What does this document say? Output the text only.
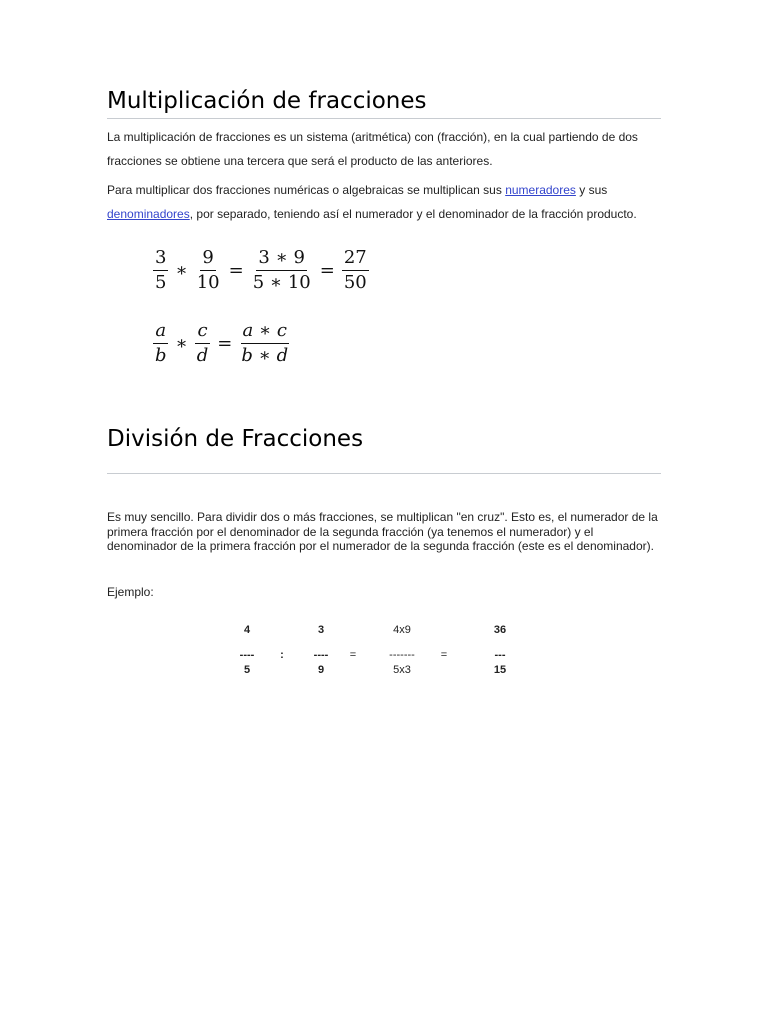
Multiplicación de fracciones
La multiplicación de fracciones es un sistema (aritmética) con (fracción), en la cual partiendo de dos fracciones se obtiene una tercera que será el producto de las anteriores.
Para multiplicar dos fracciones numéricas o algebraicas se multiplican sus numeradores y sus denominadores, por separado, teniendo así el numerador y el denominador de la fracción producto.
$\frac{3}{5}$ ∗ $\frac{9}{10} = \frac{3 ∗ 9}{5 ∗ 10} = \frac{27}{50}$
$\frac{a}{b}$ ∗ $\frac{c}{d} = \frac{a ∗ c}{b ∗ d}$
División de Fracciones
Es muy sencillo. Para dividir dos o más fracciones, se multiplican "en cruz". Esto es, el numerador de la primera fracción por el denominador de la segunda fracción (ya tenemos el numerador) y el denominador de la primera fracción por el numerador de la segunda fracción (este es el denominador).
Ejemplo:
4
----
5
:
3
----
9
=
4x9
-------
5x3
=
36
---
15
